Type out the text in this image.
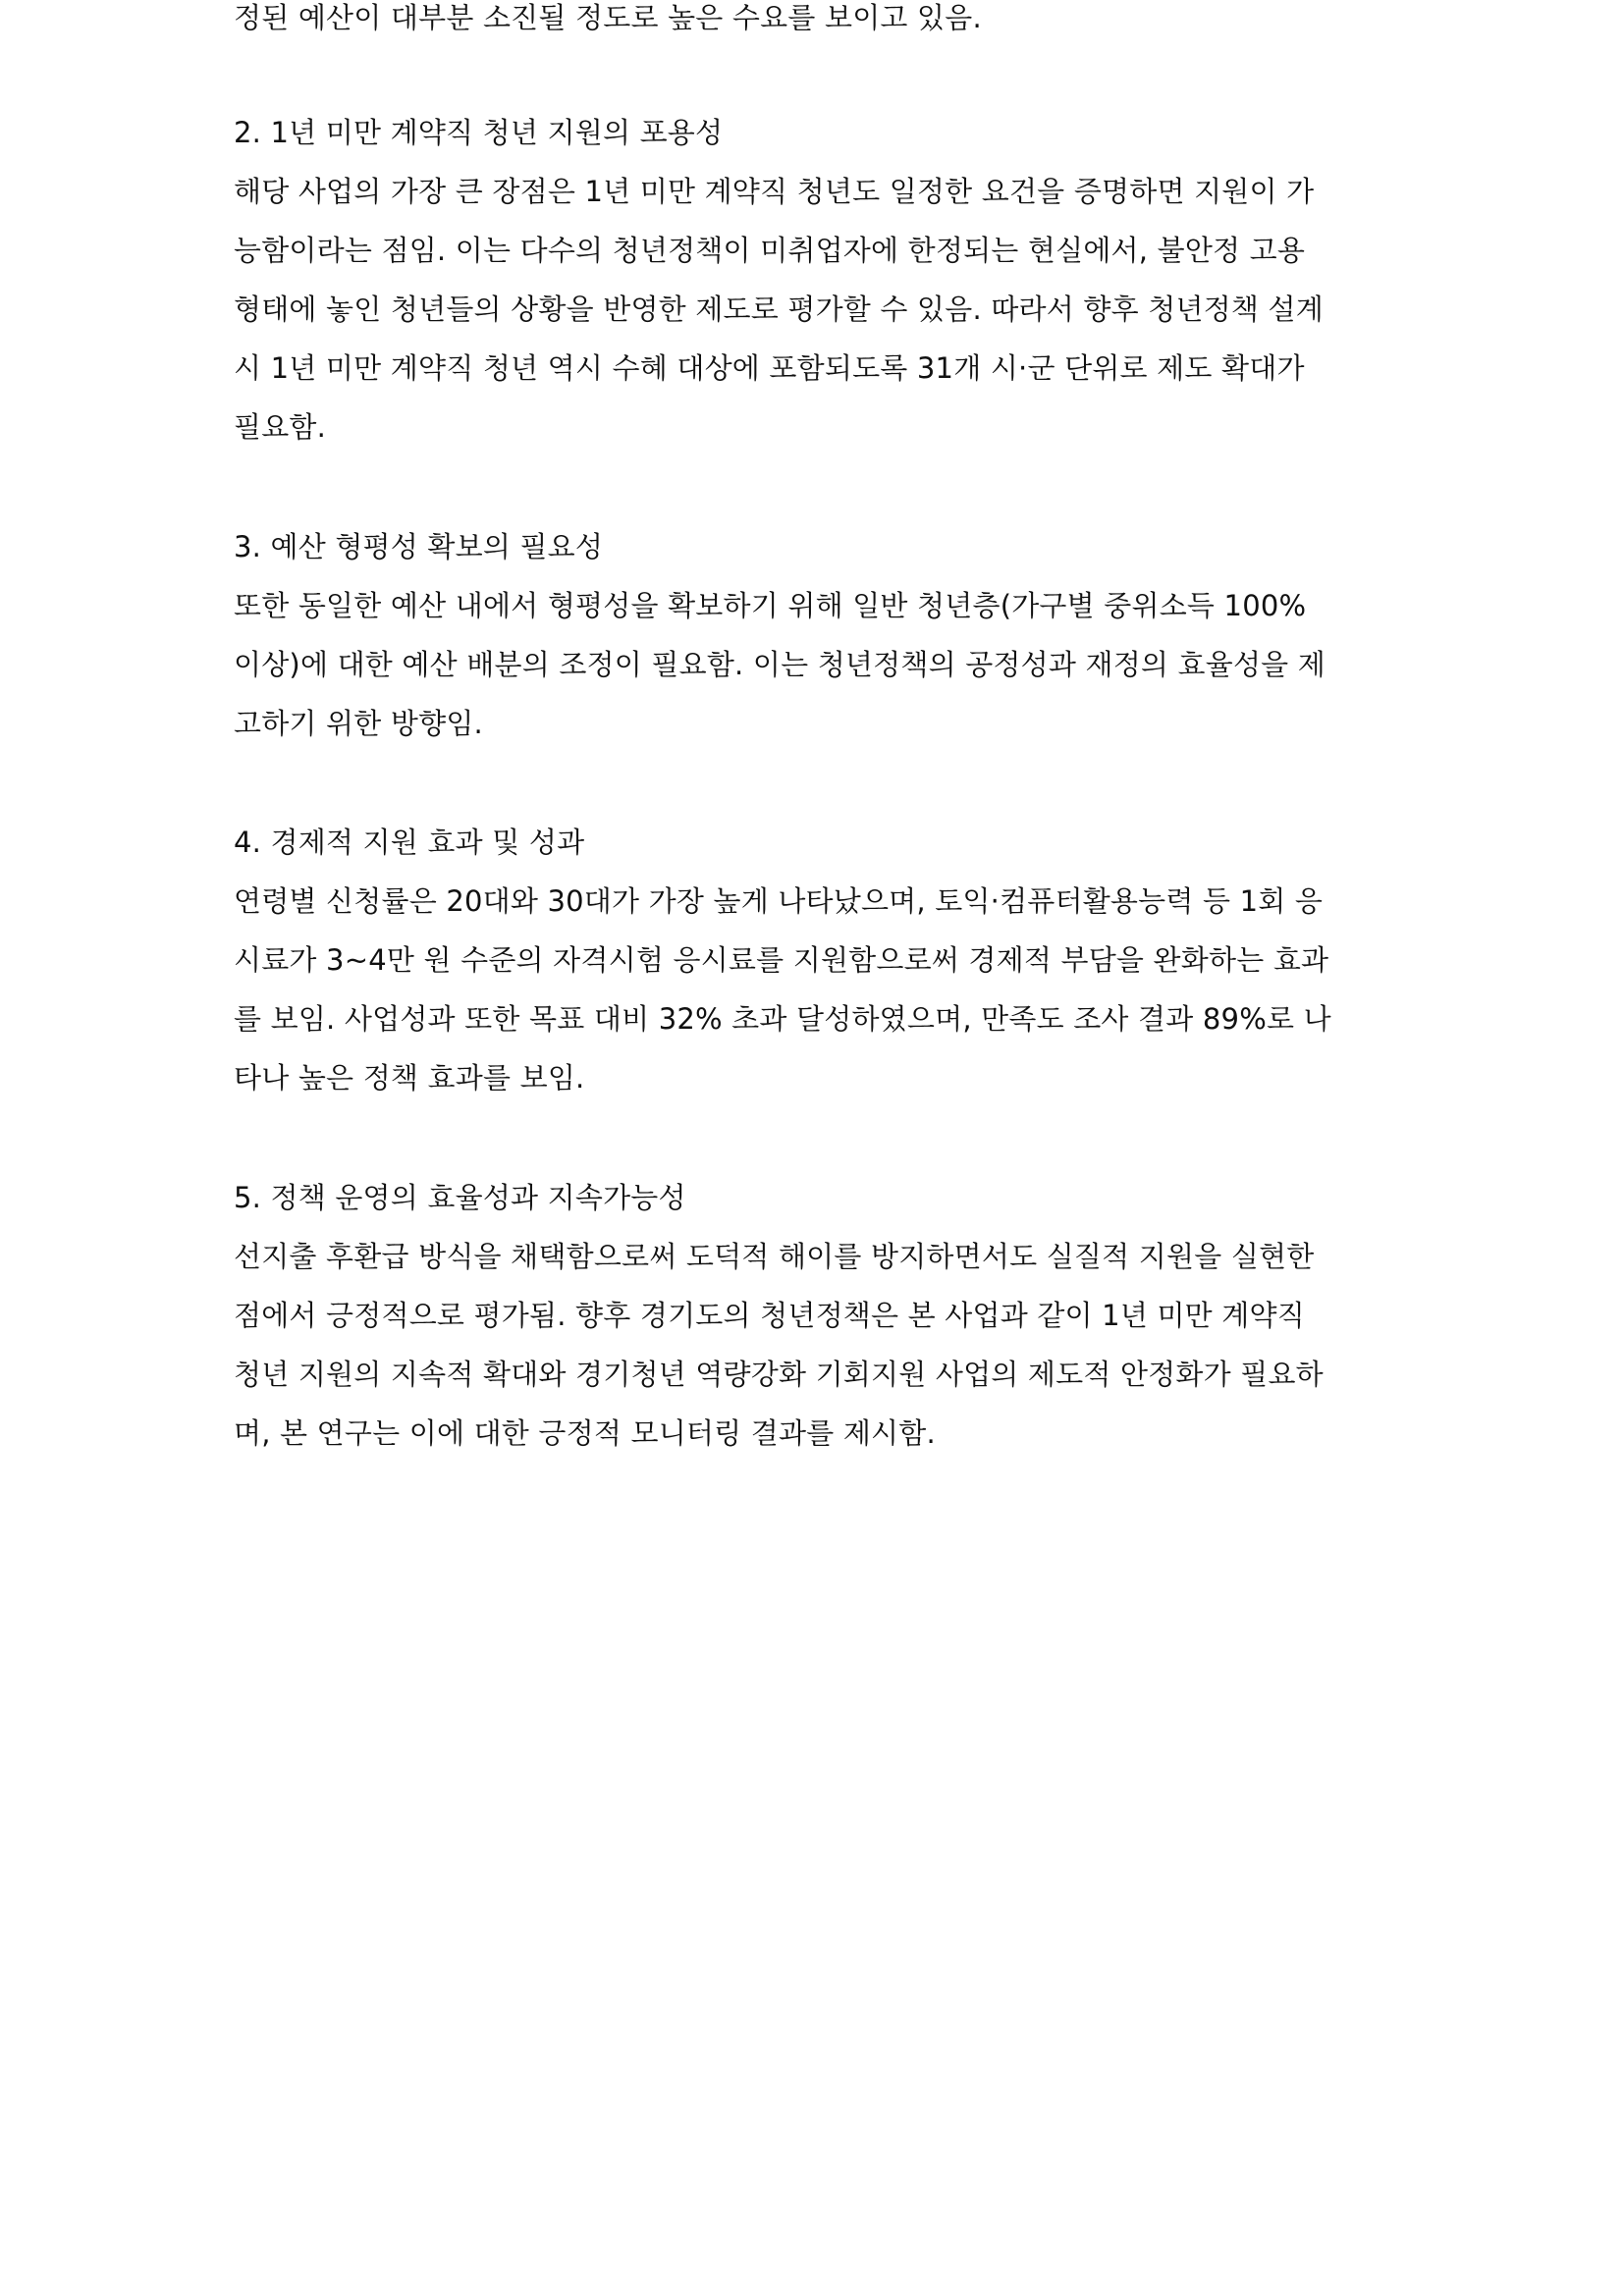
정된 예산이 대부분 소진될 정도로 높은 수요를 보이고 있음.
2. 1년 미만 계약직 청년 지원의 포용성
해당 사업의 가장 큰 장점은 1년 미만 계약직 청년도 일정한 요건을 증명하면 지원이 가
능함이라는 점임. 이는 다수의 청년정책이 미취업자에 한정되는 현실에서, 불안정 고용
형태에 놓인 청년들의 상황을 반영한 제도로 평가할 수 있음. 따라서 향후 청년정책 설계
시 1년 미만 계약직 청년 역시 수혜 대상에 포함되도록 31개 시·군 단위로 제도 확대가
필요함.
3. 예산 형평성 확보의 필요성
또한 동일한 예산 내에서 형평성을 확보하기 위해 일반 청년층(가구별 중위소득 100%
이상)에 대한 예산 배분의 조정이 필요함. 이는 청년정책의 공정성과 재정의 효율성을 제
고하기 위한 방향임.
4. 경제적 지원 효과 및 성과
연령별 신청률은 20대와 30대가 가장 높게 나타났으며, 토익·컴퓨터활용능력 등 1회 응
시료가 3~4만 원 수준의 자격시험 응시료를 지원함으로써 경제적 부담을 완화하는 효과
를 보임. 사업성과 또한 목표 대비 32% 초과 달성하였으며, 만족도 조사 결과 89%로 나
타나 높은 정책 효과를 보임.
5. 정책 운영의 효율성과 지속가능성
선지출 후환급 방식을 채택함으로써 도덕적 해이를 방지하면서도 실질적 지원을 실현한
점에서 긍정적으로 평가됨. 향후 경기도의 청년정책은 본 사업과 같이 1년 미만 계약직
청년 지원의 지속적 확대와 경기청년 역량강화 기회지원 사업의 제도적 안정화가 필요하
며, 본 연구는 이에 대한 긍정적 모니터링 결과를 제시함.
